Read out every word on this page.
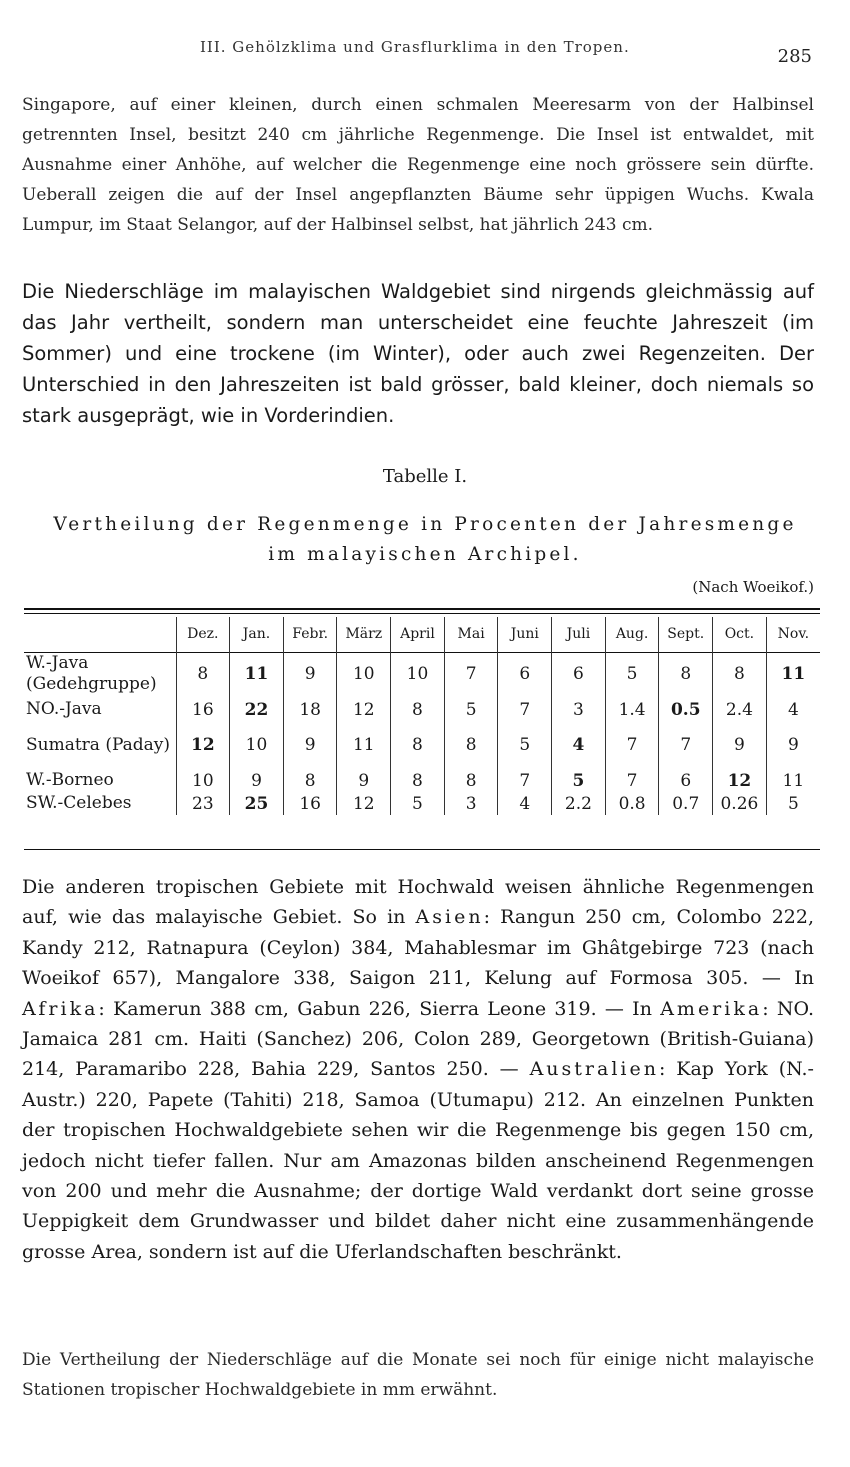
III. Gehölzklima und Grasflurklima in den Tropen.	285

Singapore, auf einer kleinen, durch einen schmalen Meeresarm von der Halbinsel getrennten Insel, besitzt 240 cm jährliche Regenmenge. Die Insel ist entwaldet, mit Ausnahme einer Anhöhe, auf welcher die Regenmenge eine noch grössere sein dürfte. Ueberall zeigen die auf der Insel angepflanzten Bäume sehr üppigen Wuchs. Kwala Lumpur, im Staat Selangor, auf der Halbinsel selbst, hat jährlich 243 cm.

Die Niederschläge im malayischen Waldgebiet sind nirgends gleichmässig auf das Jahr vertheilt, sondern man unterscheidet eine feuchte Jahreszeit (im Sommer) und eine trockene (im Winter), oder auch zwei Regenzeiten. Der Unterschied in den Jahreszeiten ist bald grösser, bald kleiner, doch niemals so stark ausgeprägt, wie in Vorderindien.

Tabelle I.
Vertheilung der Regenmenge in Procenten der Jahresmenge
im malayischen Archipel.
(Nach Woeikof.)
	Dez.	Jan.	Febr.	März	April	Mai	Juni	Juli	Aug.	Sept.	Oct.	Nov.
W.-Java (Gedehgruppe)	8	11	9	10	10	7	6	6	5	8	8	11
NO.-Java	16	22	18	12	8	5	7	3	1.4	0.5	2.4	4
Sumatra (Paday)	12	10	9	11	8	8	5	4	7	7	9	9
W.-Borneo	10	9	8	9	8	8	7	5	7	6	12	11
SW.-Celebes	23	25	16	12	5	3	4	2.2	0.8	0.7	0.26	5

Die anderen tropischen Gebiete mit Hochwald weisen ähnliche Regenmengen auf, wie das malayische Gebiet. So in Asien: Rangun 250 cm, Colombo 222, Kandy 212, Ratnapura (Ceylon) 384, Mahablesmar im Ghâtgebirge 723 (nach Woeikof 657), Mangalore 338, Saigon 211, Kelung auf Formosa 305. — In Afrika: Kamerun 388 cm, Gabun 226, Sierra Leone 319. — In Amerika: NO. Jamaica 281 cm. Haiti (Sanchez) 206, Colon 289, Georgetown (British-Guiana) 214, Paramaribo 228, Bahia 229, Santos 250. — Australien: Kap York (N.-Austr.) 220, Papete (Tahiti) 218, Samoa (Utumapu) 212. An einzelnen Punkten der tropischen Hochwaldgebiete sehen wir die Regenmenge bis gegen 150 cm, jedoch nicht tiefer fallen. Nur am Amazonas bilden anscheinend Regenmengen von 200 und mehr die Ausnahme; der dortige Wald verdankt dort seine grosse Ueppigkeit dem Grundwasser und bildet daher nicht eine zusammenhängende grosse Area, sondern ist auf die Uferlandschaften beschränkt.

Die Vertheilung der Niederschläge auf die Monate sei noch für einige nicht malayische Stationen tropischer Hochwaldgebiete in mm erwähnt.
